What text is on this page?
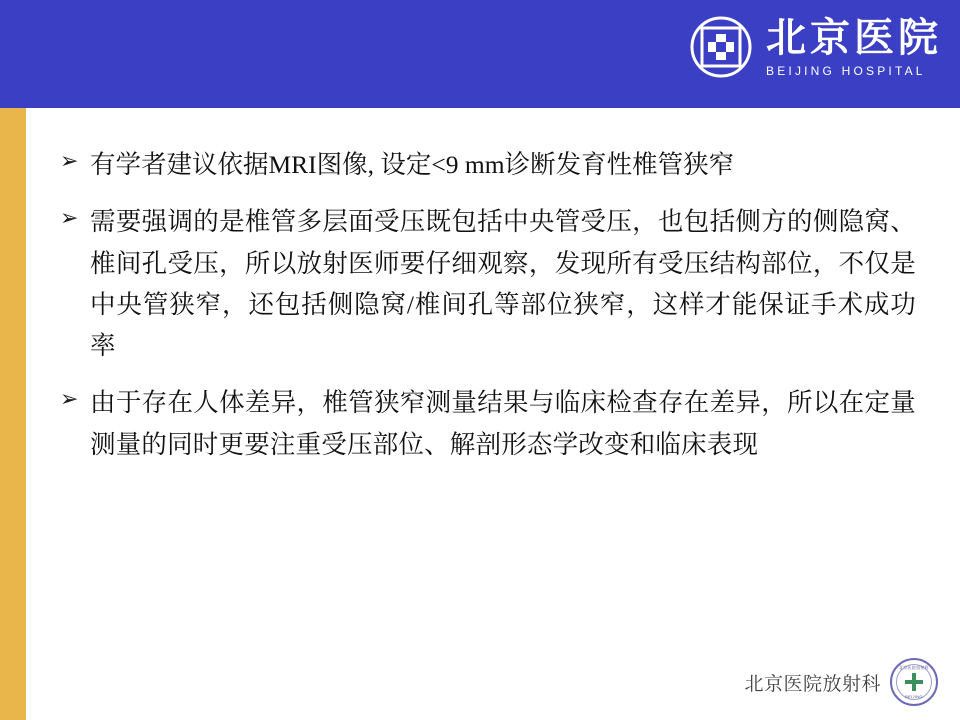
北京医院
BEIJING HOSPITAL
➢ 有学者建议依据MRI图像, 设定<9 mm诊断发育性椎管狭窄
➢ 需要强调的是椎管多层面受压既包括中央管受压，也包括侧方的侧隐窝、椎间孔受压，所以放射医师要仔细观察，发现所有受压结构部位，不仅是中央管狭窄，还包括侧隐窝/椎间孔等部位狭窄，这样才能保证手术成功率
➢ 由于存在人体差异，椎管狭窄测量结果与临床检查存在差异，所以在定量测量的同时更要注重受压部位、解剖形态学改变和临床表现
北京医院放射科
北京医院放射科
BEIJING
